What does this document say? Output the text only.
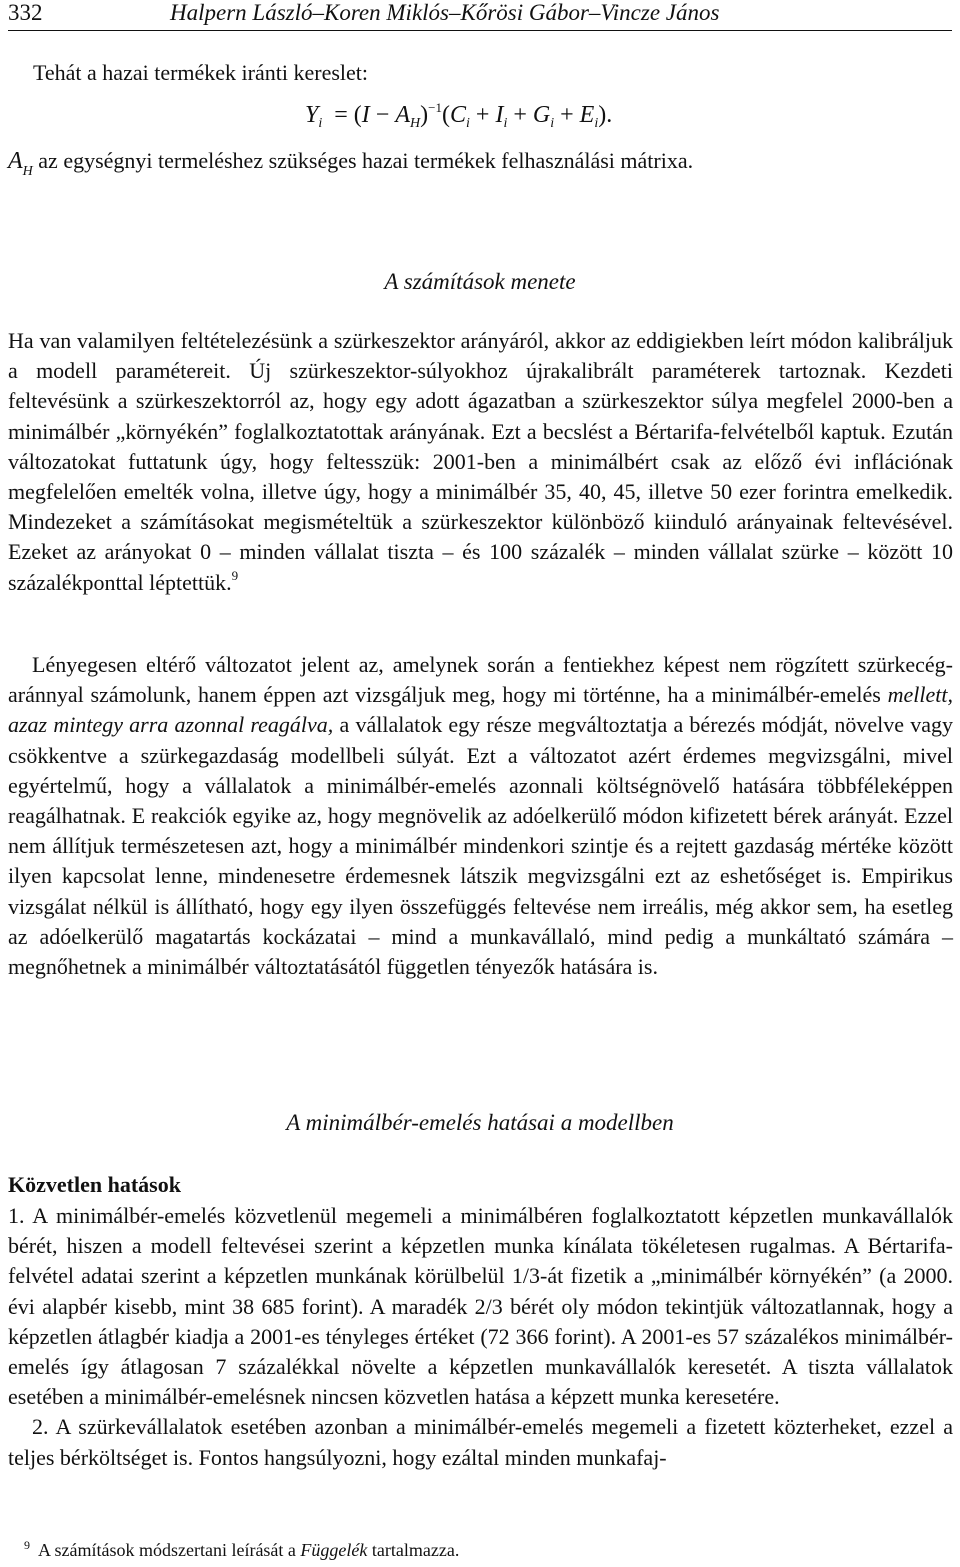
332	Halpern László–Koren Miklós–Kőrösi Gábor–Vincze János
Tehát a hazai termékek iránti kereslet:
$Y_i = (I - A_H)^{-1}(C_i + I_i + G_i + E_i)$.
$A_H$ az egységnyi termeléshez szükséges hazai termékek felhasználási mátrixa.
A számítások menete

Ha van valamilyen feltételezésünk a szürkeszektor arányáról, akkor az eddigiekben leírt módon kalibráljuk a modell paramétereit. Új szürkeszektor-súlyokhoz újrakalibrált paraméterek tartoznak. Kezdeti feltevésünk a szürkeszektorról az, hogy egy adott ágazatban a szürkeszektor súlya megfelel 2000-ben a minimálbér „környékén” foglalkoztatottak arányának. Ezt a becslést a Bértarifa-felvételből kaptuk. Ezután változatokat futtatunk úgy, hogy feltesszük: 2001-ben a minimálbért csak az előző évi inflációnak megfelelően emelték volna, illetve úgy, hogy a minimálbér 35, 40, 45, illetve 50 ezer forintra emelkedik. Mindezeket a számításokat megismételtük a szürkeszektor különböző kiinduló arányainak feltevésével. Ezeket az arányokat 0 – minden vállalat tiszta – és 100 százalék – minden vállalat szürke – között 10 százalékponttal léptettük.$^9$

Lényegesen eltérő változatot jelent az, amelynek során a fentiekhez képest nem rögzített szürkecég-aránnyal számolunk, hanem éppen azt vizsgáljuk meg, hogy mi történne, ha a minimálbér-emelés mellett, azaz mintegy arra azonnal reagálva, a vállalatok egy része megváltoztatja a bérezés módját, növelve vagy csökkentve a szürkegazdaság modellbeli súlyát. Ezt a változatot azért érdemes megvizsgálni, mivel egyértelmű, hogy a vállalatok a minimálbér-emelés azonnali költségnövelő hatására többféleképpen reagálhatnak. E reakciók egyike az, hogy megnövelik az adóelkerülő módon kifizetett bérek arányát. Ezzel nem állítjuk természetesen azt, hogy a minimálbér mindenkori szintje és a rejtett gazdaság mértéke között ilyen kapcsolat lenne, mindenesetre érdemesnek látszik megvizsgálni ezt az eshetőséget is. Empirikus vizsgálat nélkül is állítható, hogy egy ilyen összefüggés feltevése nem irreális, még akkor sem, ha esetleg az adóelkerülő magatartás kockázatai – mind a munkavállaló, mind pedig a munkáltató számára – megnőhetnek a minimálbér változtatásától független tényezők hatására is.

A minimálbér-emelés hatásai a modellben
Közvetlen hatások

1. A minimálbér-emelés közvetlenül megemeli a minimálbéren foglalkoztatott képzetlen munkavállalók bérét, hiszen a modell feltevései szerint a képzetlen munka kínálata tökéletesen rugalmas. A Bértarifa-felvétel adatai szerint a képzetlen munkának körülbelül 1/3-át fizetik a „minimálbér környékén” (a 2000. évi alapbér kisebb, mint 38 685 forint). A maradék 2/3 bérét oly módon tekintjük változatlannak, hogy a képzetlen átlagbér kiadja a 2001-es tényleges értéket (72 366 forint). A 2001-es 57 százalékos minimálbér-emelés így átlagosan 7 százalékkal növelte a képzetlen munkavállalók keresetét. A tiszta vállalatok esetében a minimálbér-emelésnek nincsen közvetlen hatása a képzett munka keresetére.

2. A szürkevállalatok esetében azonban a minimálbér-emelés megemeli a fizetett közterheket, ezzel a teljes bérköltséget is. Fontos hangsúlyozni, hogy ezáltal minden munkafaj-

$^9$ A számítások módszertani leírását a Függelék tartalmazza.
